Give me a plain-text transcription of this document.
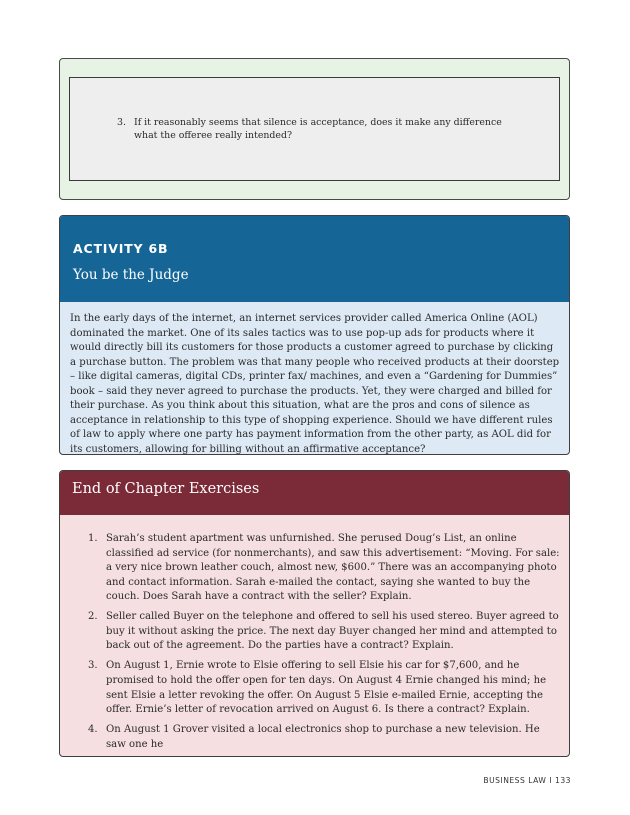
3. If it reasonably seems that silence is acceptance, does it make any difference what the offeree really intended?
ACTIVITY 6B
You be the Judge
In the early days of the internet, an internet services provider called America Online (AOL) dominated the market. One of its sales tactics was to use pop-up ads for products where it would directly bill its customers for those products a customer agreed to purchase by clicking a purchase button. The problem was that many people who received products at their doorstep – like digital cameras, digital CDs, printer fax/ machines, and even a “Gardening for Dummies” book – said they never agreed to purchase the products. Yet, they were charged and billed for their purchase. As you think about this situation, what are the pros and cons of silence as acceptance in relationship to this type of shopping experience. Should we have different rules of law to apply where one party has payment information from the other party, as AOL did for its customers, allowing for billing without an affirmative acceptance?
End of Chapter Exercises
1. Sarah’s student apartment was unfurnished. She perused Doug’s List, an online classified ad service (for nonmerchants), and saw this advertisement: “Moving. For sale: a very nice brown leather couch, almost new, $600.” There was an accompanying photo and contact information. Sarah e-mailed the contact, saying she wanted to buy the couch. Does Sarah have a contract with the seller? Explain.
2. Seller called Buyer on the telephone and offered to sell his used stereo. Buyer agreed to buy it without asking the price. The next day Buyer changed her mind and attempted to back out of the agreement. Do the parties have a contract? Explain.
3. On August 1, Ernie wrote to Elsie offering to sell Elsie his car for $7,600, and he promised to hold the offer open for ten days. On August 4 Ernie changed his mind; he sent Elsie a letter revoking the offer. On August 5 Elsie e-mailed Ernie, accepting the offer. Ernie’s letter of revocation arrived on August 6. Is there a contract? Explain.
4. On August 1 Grover visited a local electronics shop to purchase a new television. He saw one he
BUSINESS LAW I 133
